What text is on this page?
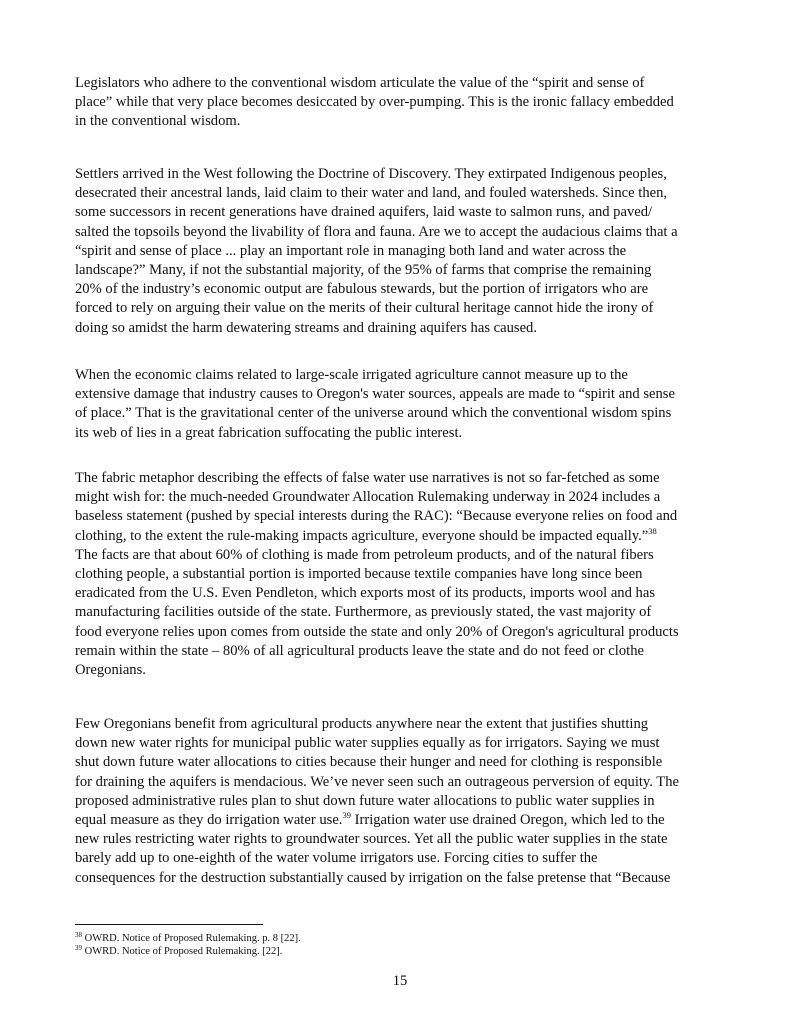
Legislators who adhere to the conventional wisdom articulate the value of the “spirit and sense of
place” while that very place becomes desiccated by over-pumping. This is the ironic fallacy embedded
in the conventional wisdom.

Settlers arrived in the West following the Doctrine of Discovery. They extirpated Indigenous peoples,
desecrated their ancestral lands, laid claim to their water and land, and fouled watersheds. Since then,
some successors in recent generations have drained aquifers, laid waste to salmon runs, and paved/
salted the topsoils beyond the livability of flora and fauna. Are we to accept the audacious claims that a
“spirit and sense of place ... play an important role in managing both land and water across the
landscape?” Many, if not the substantial majority, of the 95% of farms that comprise the remaining
20% of the industry’s economic output are fabulous stewards, but the portion of irrigators who are
forced to rely on arguing their value on the merits of their cultural heritage cannot hide the irony of
doing so amidst the harm dewatering streams and draining aquifers has caused.

When the economic claims related to large-scale irrigated agriculture cannot measure up to the
extensive damage that industry causes to Oregon's water sources, appeals are made to “spirit and sense
of place.” That is the gravitational center of the universe around which the conventional wisdom spins
its web of lies in a great fabrication suffocating the public interest.

The fabric metaphor describing the effects of false water use narratives is not so far-fetched as some
might wish for: the much-needed Groundwater Allocation Rulemaking underway in 2024 includes a
baseless statement (pushed by special interests during the RAC): “Because everyone relies on food and
clothing, to the extent the rule-making impacts agriculture, everyone should be impacted equally.”$^{38}$
The facts are that about 60% of clothing is made from petroleum products, and of the natural fibers
clothing people, a substantial portion is imported because textile companies have long since been
eradicated from the U.S. Even Pendleton, which exports most of its products, imports wool and has
manufacturing facilities outside of the state. Furthermore, as previously stated, the vast majority of
food everyone relies upon comes from outside the state and only 20% of Oregon's agricultural products
remain within the state – 80% of all agricultural products leave the state and do not feed or clothe
Oregonians.

Few Oregonians benefit from agricultural products anywhere near the extent that justifies shutting
down new water rights for municipal public water supplies equally as for irrigators. Saying we must
shut down future water allocations to cities because their hunger and need for clothing is responsible
for draining the aquifers is mendacious. We’ve never seen such an outrageous perversion of equity. The
proposed administrative rules plan to shut down future water allocations to public water supplies in
equal measure as they do irrigation water use.$^{39}$ Irrigation water use drained Oregon, which led to the
new rules restricting water rights to groundwater sources. Yet all the public water supplies in the state
barely add up to one-eighth of the water volume irrigators use. Forcing cities to suffer the
consequences for the destruction substantially caused by irrigation on the false pretense that “Because

$^{38}$ OWRD. Notice of Proposed Rulemaking. p. 8 [22].
$^{39}$ OWRD. Notice of Proposed Rulemaking. [22].
15
